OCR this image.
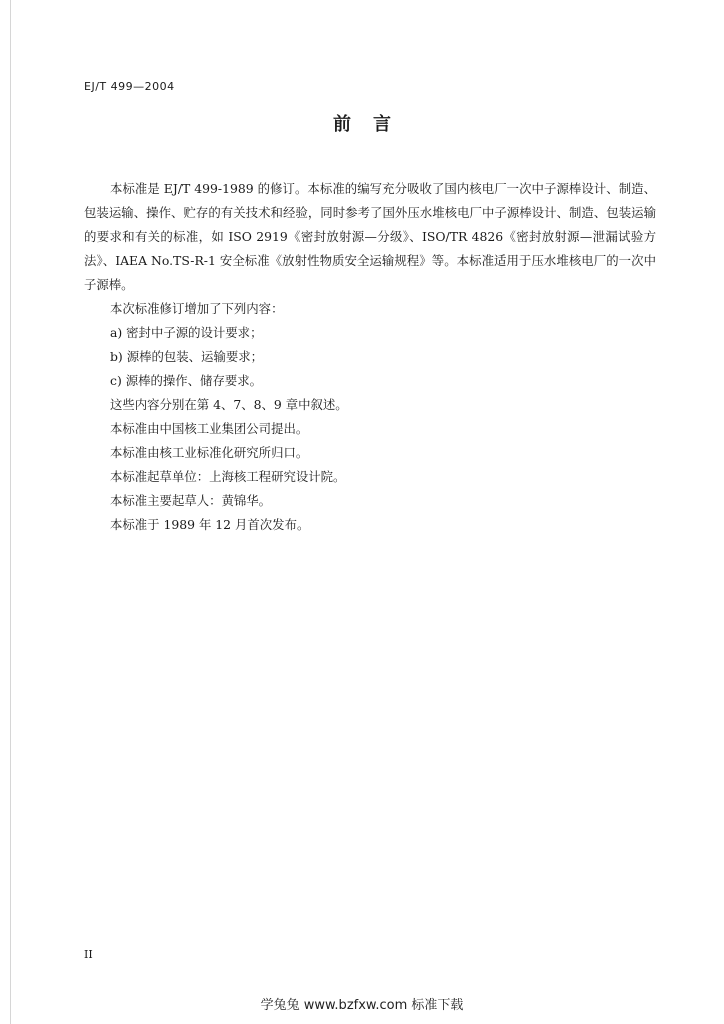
EJ/T 499—2004
前言

本标准是 EJ/T 499-1989 的修订。本标准的编写充分吸收了国内核电厂一次中子源棒设计、制造、包装运输、操作、贮存的有关技术和经验，同时参考了国外压水堆核电厂中子源棒设计、制造、包装运输的要求和有关的标准，如 ISO 2919《密封放射源—分级》、ISO/TR 4826《密封放射源—泄漏试验方法》、IAEA No.TS-R-1 安全标准《放射性物质安全运输规程》等。本标准适用于压水堆核电厂的一次中子源棒。

本次标准修订增加了下列内容：

a) 密封中子源的设计要求；

b) 源棒的包装、运输要求；

c) 源棒的操作、储存要求。

这些内容分别在第 4、7、8、9 章中叙述。

本标准由中国核工业集团公司提出。

本标准由核工业标准化研究所归口。

本标准起草单位：上海核工程研究设计院。

本标准主要起草人：黄锦华。

本标准于 1989 年 12 月首次发布。

II
学兔兔 www.bzfxw.com 标准下载
